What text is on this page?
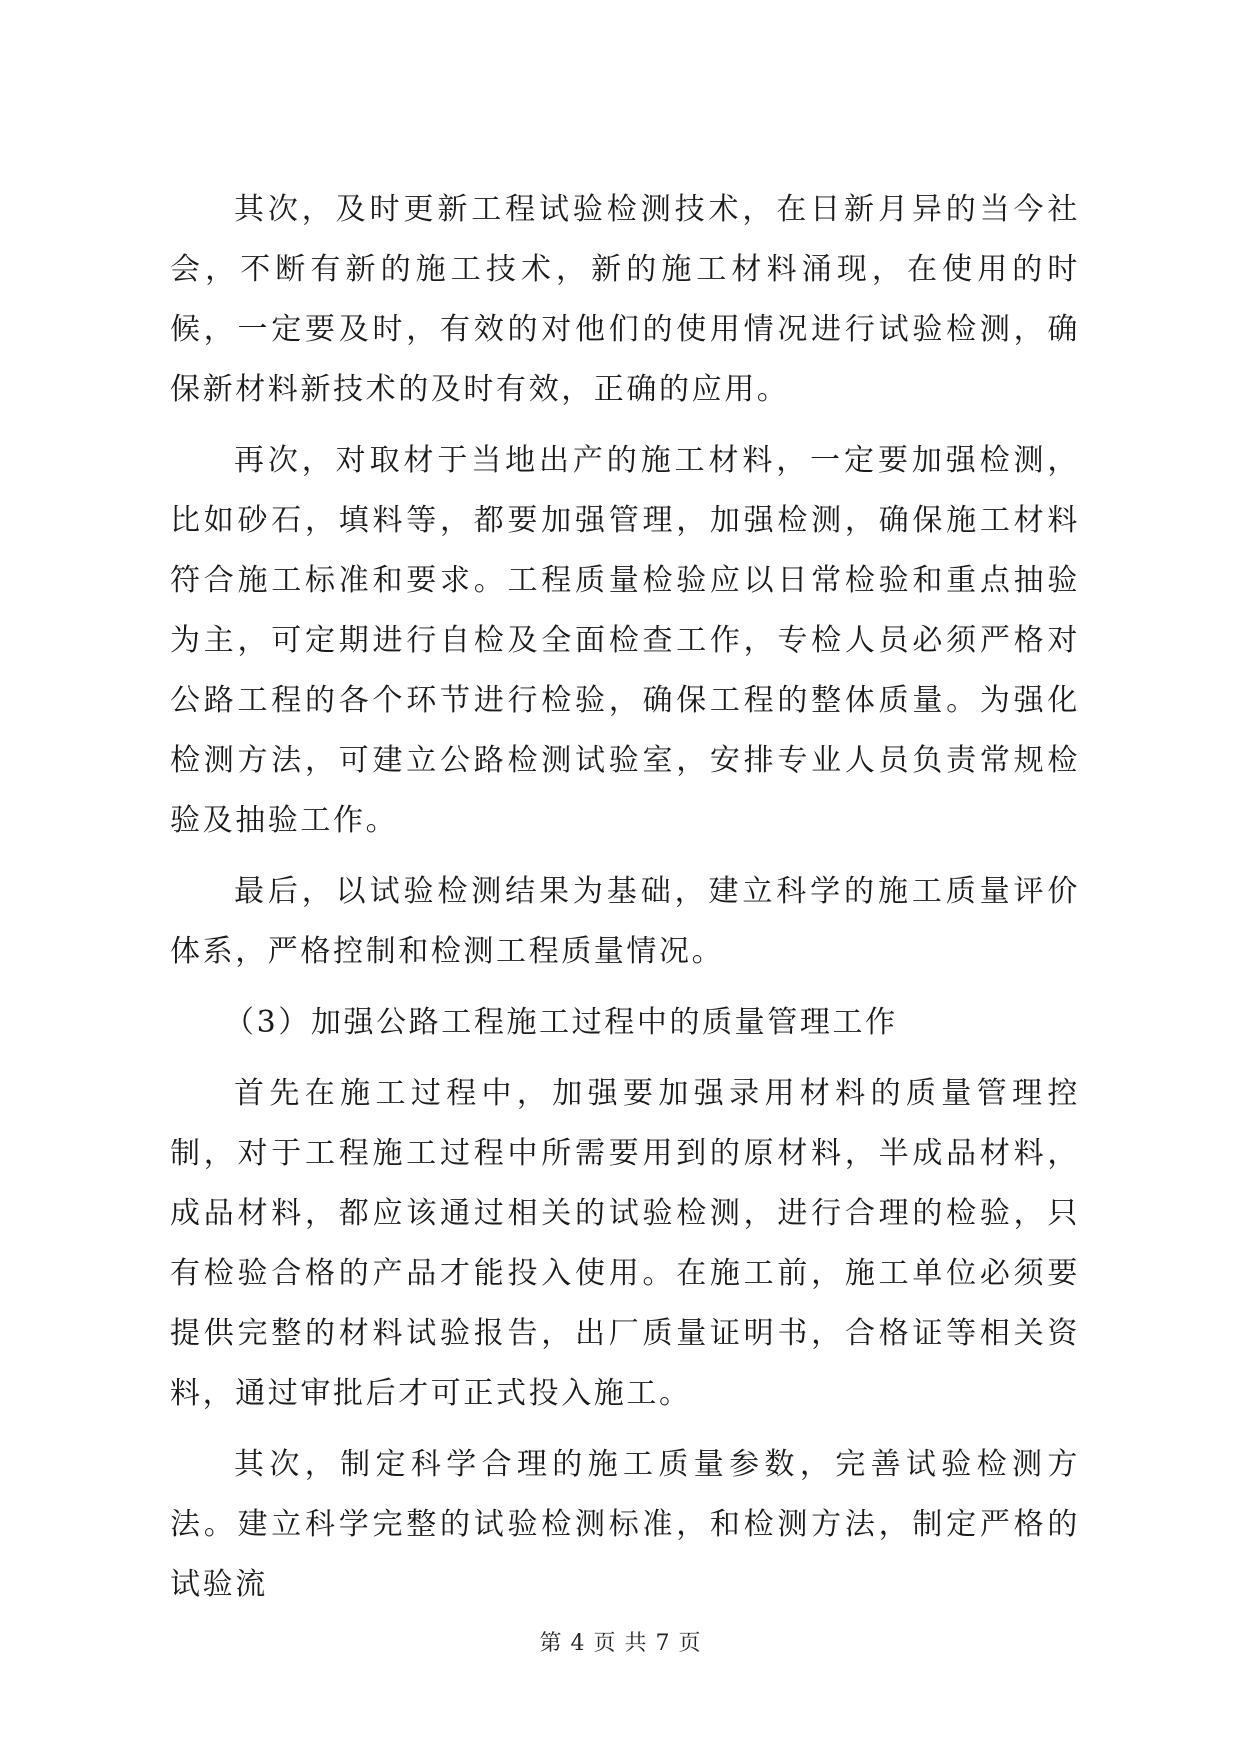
其次，及时更新工程试验检测技术，在日新月异的当今社会，不断有新的施工技术，新的施工材料涌现，在使用的时候，一定要及时，有效的对他们的使用情况进行试验检测，确保新材料新技术的及时有效，正确的应用。

再次，对取材于当地出产的施工材料，一定要加强检测，比如砂石，填料等，都要加强管理，加强检测，确保施工材料符合施工标准和要求。工程质量检验应以日常检验和重点抽验为主，可定期进行自检及全面检查工作，专检人员必须严格对公路工程的各个环节进行检验，确保工程的整体质量。为强化检测方法，可建立公路检测试验室，安排专业人员负责常规检验及抽验工作。

最后，以试验检测结果为基础，建立科学的施工质量评价体系，严格控制和检测工程质量情况。

（3）加强公路工程施工过程中的质量管理工作

首先在施工过程中，加强要加强录用材料的质量管理控制，对于工程施工过程中所需要用到的原材料，半成品材料，成品材料，都应该通过相关的试验检测，进行合理的检验，只有检验合格的产品才能投入使用。在施工前，施工单位必须要提供完整的材料试验报告，出厂质量证明书，合格证等相关资料，通过审批后才可正式投入施工。

其次，制定科学合理的施工质量参数，完善试验检测方法。建立科学完整的试验检测标准，和检测方法，制定严格的试验流

第 4 页 共 7 页
